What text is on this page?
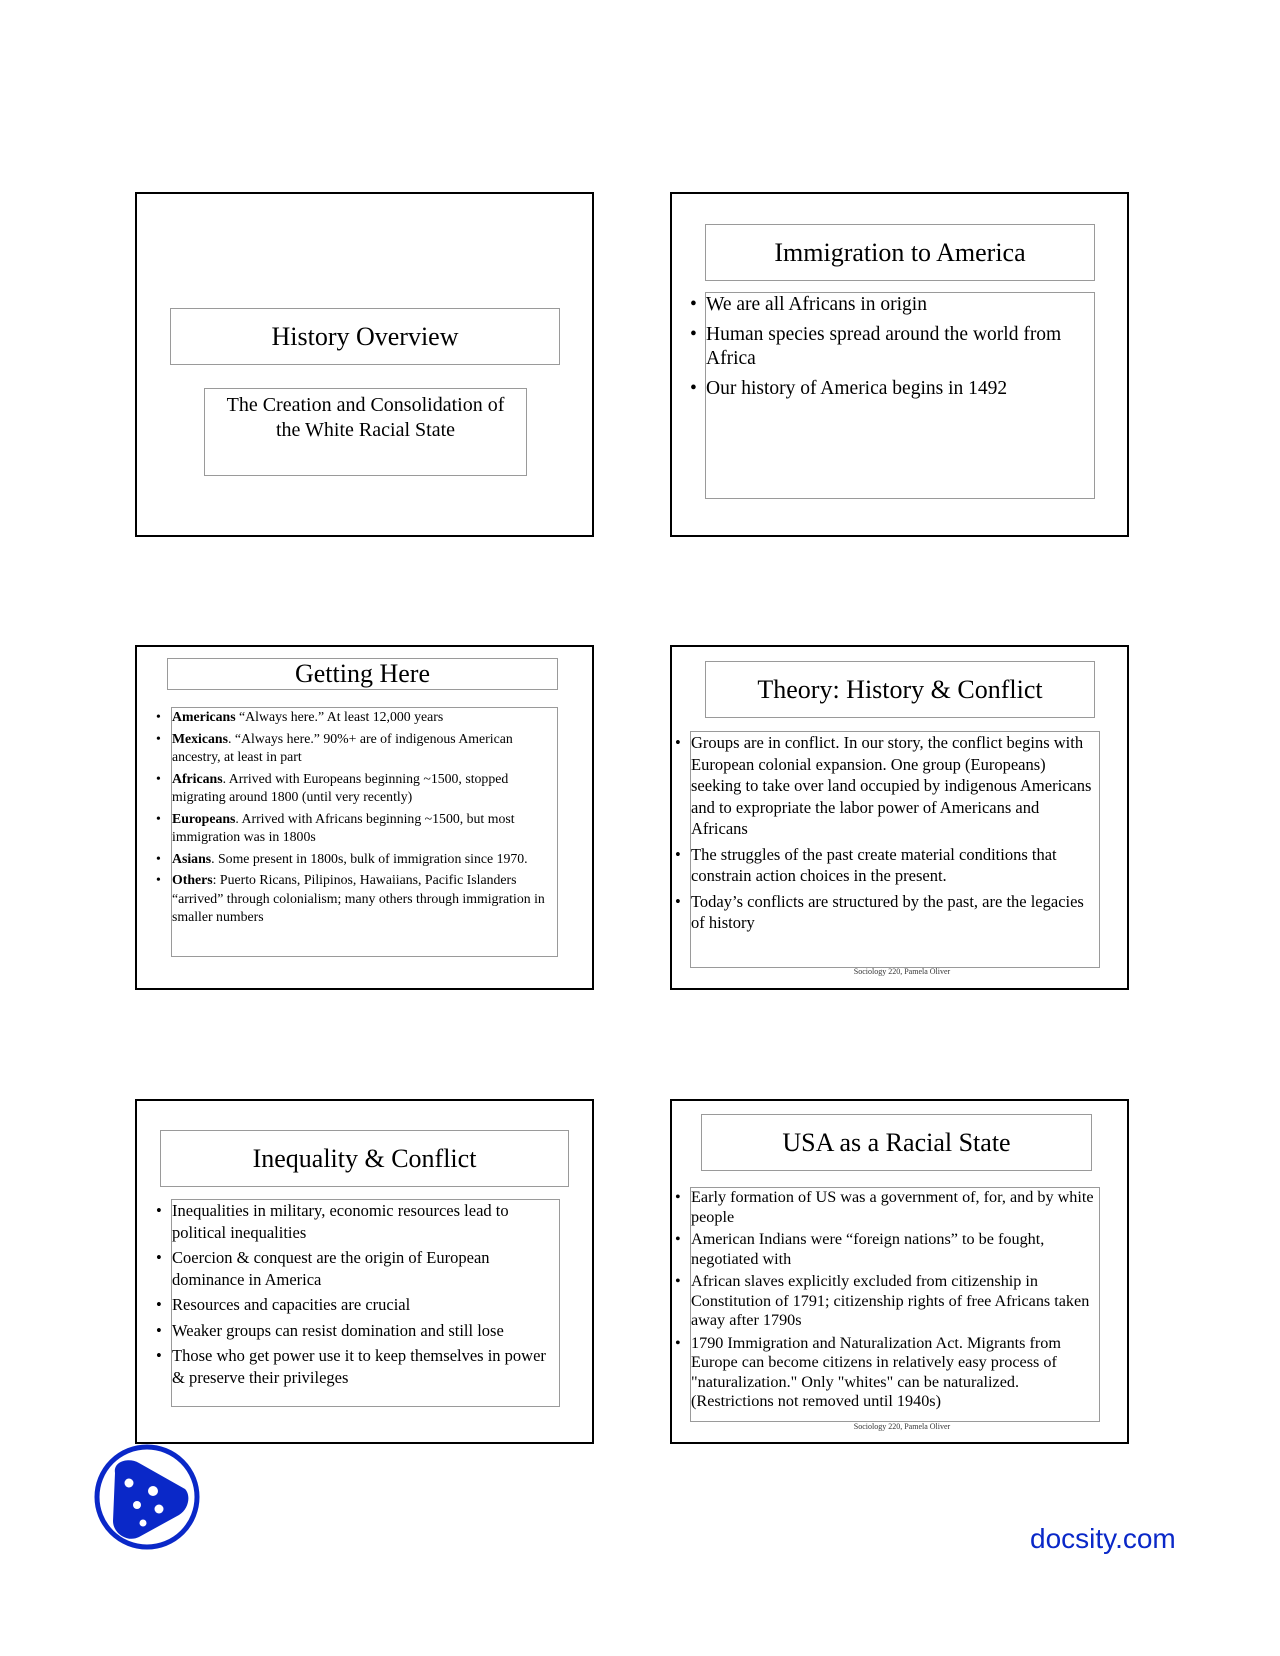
History Overview
The Creation and Consolidation of the White Racial State
Immigration to America
• We are all Africans in origin
• Human species spread around the world from Africa
• Our history of America begins in 1492
Getting Here
• Americans “Always here.” At least 12,000 years
• Mexicans. “Always here.” 90%+ are of indigenous American ancestry, at least in part
• Africans. Arrived with Europeans beginning ~1500, stopped migrating around 1800 (until very recently)
• Europeans. Arrived with Africans beginning ~1500, but most immigration was in 1800s
• Asians. Some present in 1800s, bulk of immigration since 1970.
• Others: Puerto Ricans, Pilipinos, Hawaiians, Pacific Islanders “arrived” through colonialism; many others through immigration in smaller numbers
Theory: History & Conflict
• Groups are in conflict. In our story, the conflict begins with European colonial expansion. One group (Europeans) seeking to take over land occupied by indigenous Americans and to expropriate the labor power of Americans and Africans
• The struggles of the past create material conditions that constrain action choices in the present.
• Today’s conflicts are structured by the past, are the legacies of history
Sociology 220, Pamela Oliver
Inequality & Conflict
• Inequalities in military, economic resources lead to political inequalities
• Coercion & conquest are the origin of European dominance in America
• Resources and capacities are crucial
• Weaker groups can resist domination and still lose
• Those who get power use it to keep themselves in power & preserve their privileges
USA as a Racial State
• Early formation of US was a government of, for, and by white people
• American Indians were “foreign nations” to be fought, negotiated with
• African slaves explicitly excluded from citizenship in Constitution of 1791; citizenship rights of free Africans taken away after 1790s
• 1790 Immigration and Naturalization Act. Migrants from Europe can become citizens in relatively easy process of "naturalization." Only "whites" can be naturalized. (Restrictions not removed until 1940s)
Sociology 220, Pamela Oliver
docsity.com
